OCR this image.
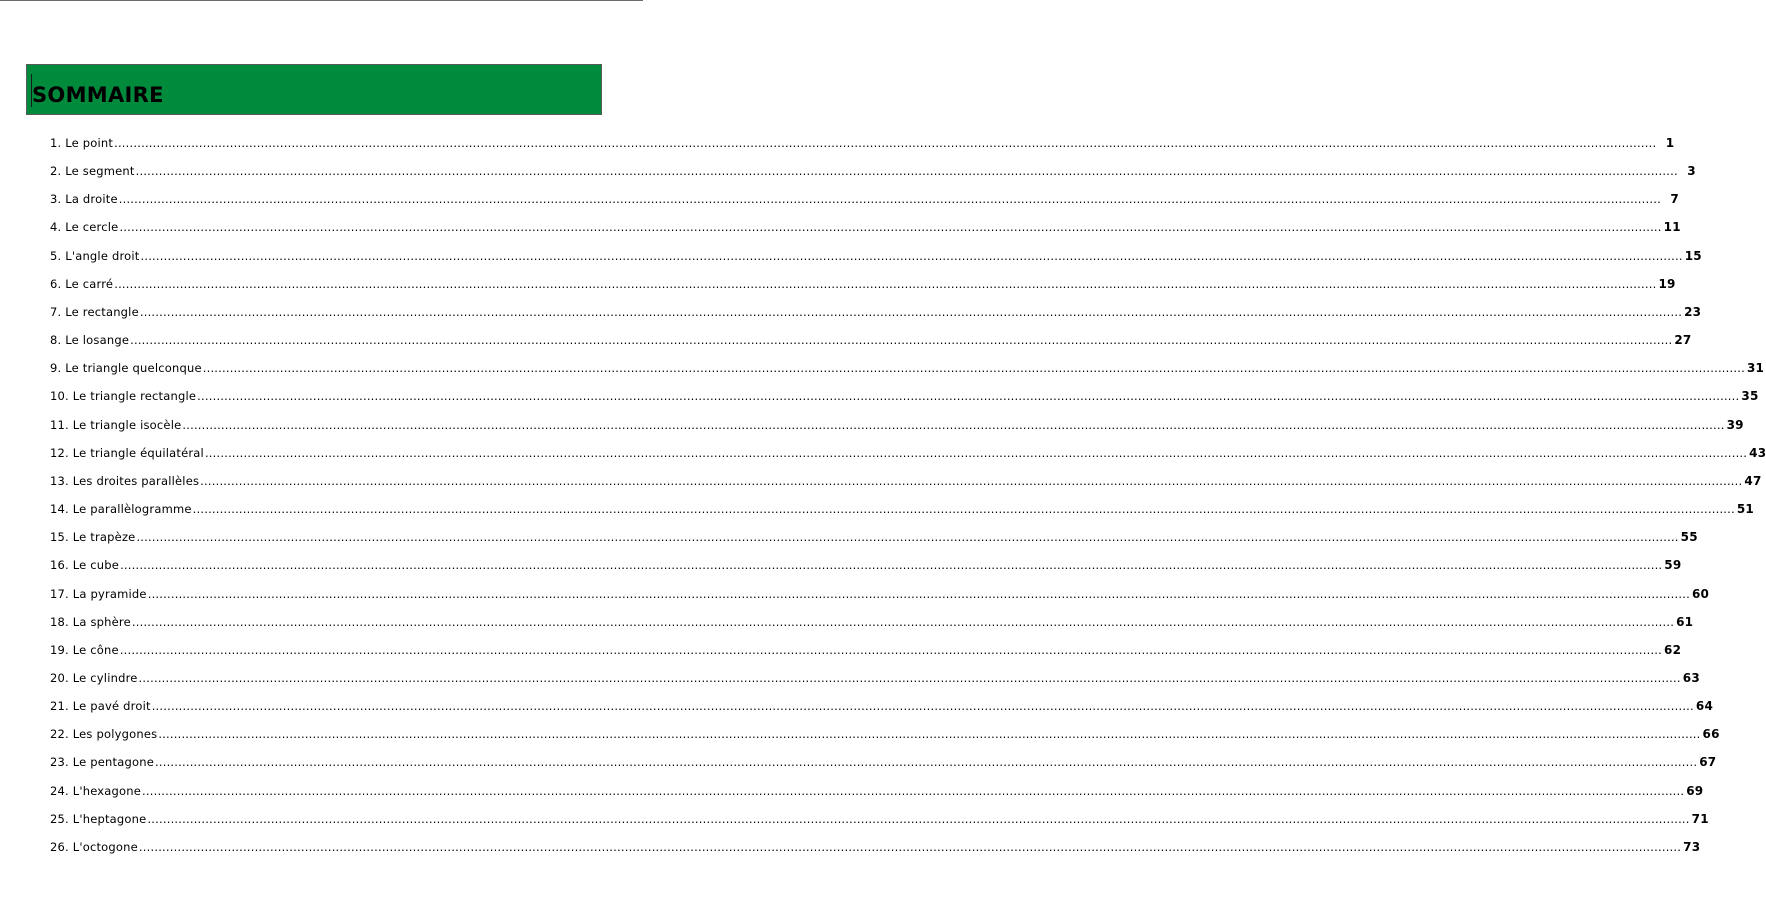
SOMMAIRE
1. Le point ................................................................................................................................................................................................................................................................................................................................................................................................................ 1
2. Le segment ................................................................................................................................................................................................................................................................................................................................................................................................................ 3
3. La droite ................................................................................................................................................................................................................................................................................................................................................................................................................ 7
4. Le cercle ................................................................................................................................................................................................................................................................................................................................................................................................................ 11
5. L'angle droit ................................................................................................................................................................................................................................................................................................................................................................................................................ 15
6. Le carré ................................................................................................................................................................................................................................................................................................................................................................................................................ 19
7. Le rectangle ................................................................................................................................................................................................................................................................................................................................................................................................................ 23
8. Le losange ................................................................................................................................................................................................................................................................................................................................................................................................................ 27
9. Le triangle quelconque ................................................................................................................................................................................................................................................................................................................................................................................................................ 31
10. Le triangle rectangle ................................................................................................................................................................................................................................................................................................................................................................................................................ 35
11. Le triangle isocèle ................................................................................................................................................................................................................................................................................................................................................................................................................ 39
12. Le triangle équilatéral ................................................................................................................................................................................................................................................................................................................................................................................................................ 43
13. Les droites parallèles ................................................................................................................................................................................................................................................................................................................................................................................................................ 47
14. Le parallèlogramme ................................................................................................................................................................................................................................................................................................................................................................................................................ 51
15. Le trapèze ................................................................................................................................................................................................................................................................................................................................................................................................................ 55
16. Le cube ................................................................................................................................................................................................................................................................................................................................................................................................................ 59
17. La pyramide ................................................................................................................................................................................................................................................................................................................................................................................................................ 60
18. La sphère ................................................................................................................................................................................................................................................................................................................................................................................................................ 61
19. Le cône ................................................................................................................................................................................................................................................................................................................................................................................................................ 62
20. Le cylindre ................................................................................................................................................................................................................................................................................................................................................................................................................ 63
21. Le pavé droit ................................................................................................................................................................................................................................................................................................................................................................................................................ 64
22. Les polygones ................................................................................................................................................................................................................................................................................................................................................................................................................ 66
23. Le pentagone ................................................................................................................................................................................................................................................................................................................................................................................................................ 67
24. L'hexagone ................................................................................................................................................................................................................................................................................................................................................................................................................ 69
25. L'heptagone ................................................................................................................................................................................................................................................................................................................................................................................................................ 71
26. L'octogone ................................................................................................................................................................................................................................................................................................................................................................................................................ 73
